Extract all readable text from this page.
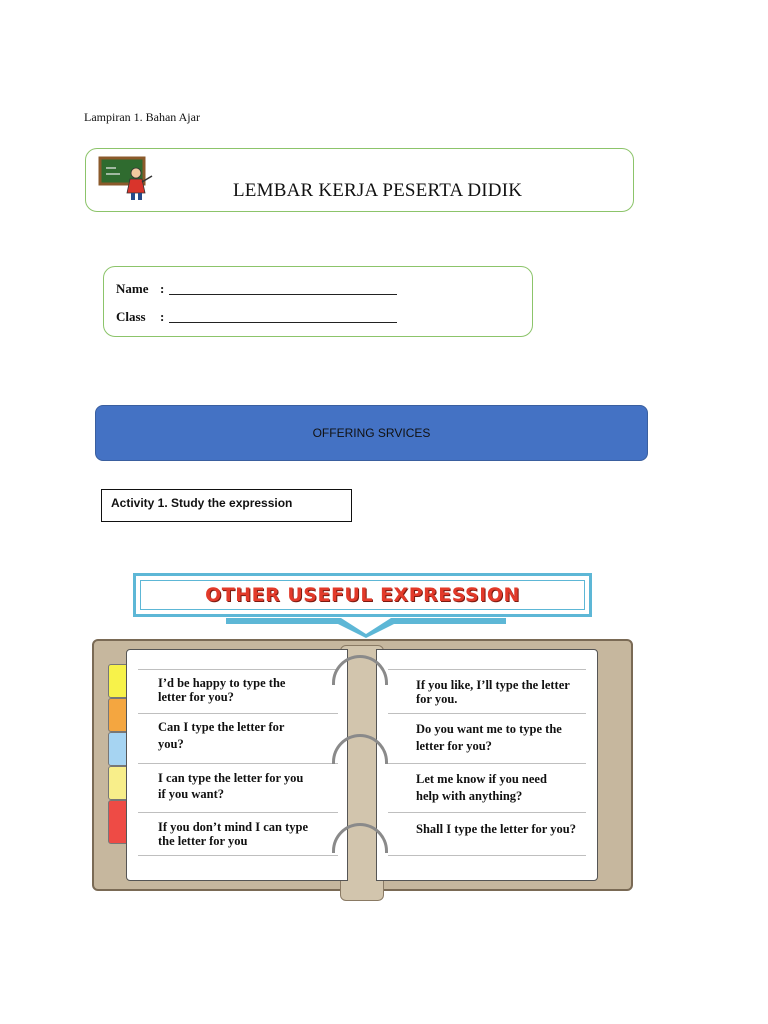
Lampiran 1. Bahan Ajar
LEMBAR KERJA PESERTA DIDIK
Name :
Class	:
OFFERING SRVICES
Activity 1. Study the expression
OTHER USEFUL EXPRESSION
I’d be happy to type the
letter for you?
Can I type the letter for
you?
I can type the letter for you
if you want?
If you don’t mind I can type
the letter for you
If you like, I’ll type the letter
for you.
Do you want me to type the
letter for you?
Let me know if you need
help with anything?
Shall I type the letter for you?
